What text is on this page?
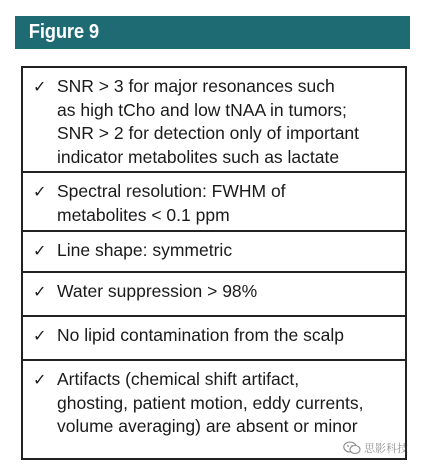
Figure 9
✓ SNR > 3 for major resonances such
as high tCho and low tNAA in tumors;
SNR > 2 for detection only of important
indicator metabolites such as lactate
✓ Spectral resolution: FWHM of
metabolites < 0.1 ppm
✓ Line shape: symmetric
✓ Water suppression > 98%
✓ No lipid contamination from the scalp
✓ Artifacts (chemical shift artifact,
ghosting, patient motion, eddy currents,
volume averaging) are absent or minor
思影科技
